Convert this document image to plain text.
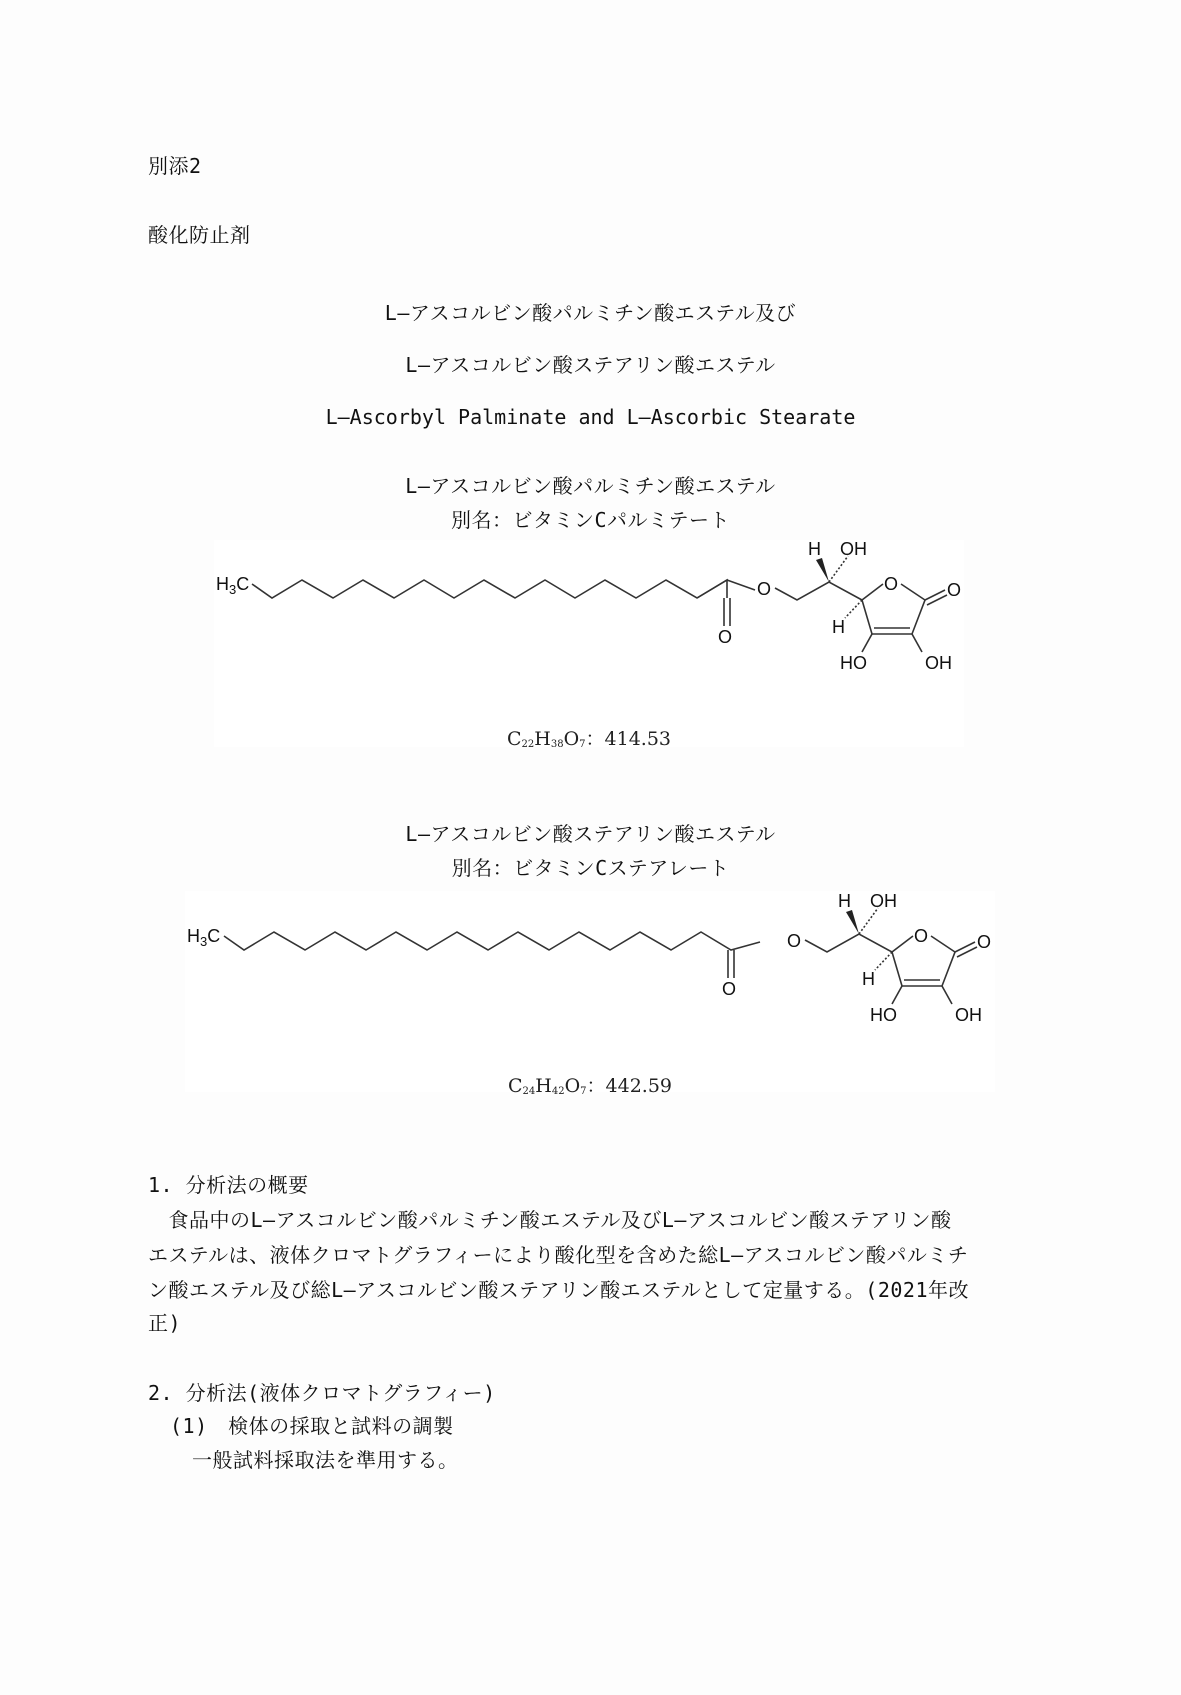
別添2
酸化防止剤
L―アスコルビン酸パルミチン酸エステル及び
L―アスコルビン酸ステアリン酸エステル
L―Ascorbyl Palminate and L―Ascorbic Stearate
L―アスコルビン酸パルミチン酸エステル
別名：ビタミンCパルミテート
$H_3C$
O
O
H OH
O	O
H
HO	OH
$C_{22}H_{38}O_7$：414.53
L―アスコルビン酸ステアリン酸エステル
別名：ビタミンCステアレート
$H_3C$
O
O
H OH
O	O
H
HO	OH
$C_{24}H_{42}O_7$：442.59
1. 分析法の概要
　食品中のL―アスコルビン酸パルミチン酸エステル及びL―アスコルビン酸ステアリン酸
エステルは、液体クロマトグラフィーにより酸化型を含めた総L―アスコルビン酸パルミチ
ン酸エステル及び総L―アスコルビン酸ステアリン酸エステルとして定量する。(2021年改
正)
2. 分析法(液体クロマトグラフィー)
(1)　検体の採取と試料の調製
一般試料採取法を準用する。
